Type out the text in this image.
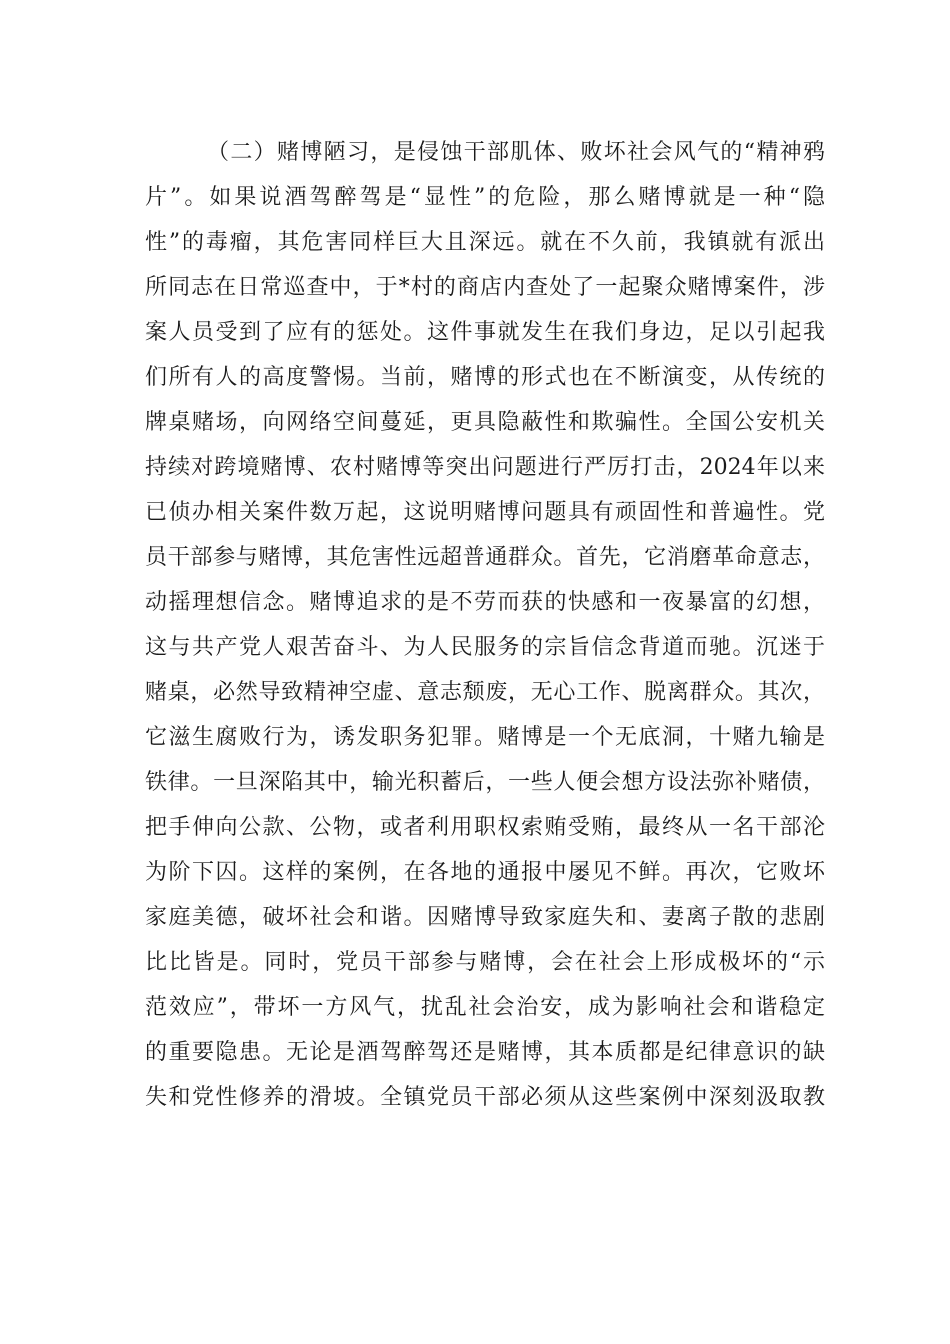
（二）赌博陋习，是侵蚀干部肌体、败坏社会风气的“精神鸦
片”。如果说酒驾醉驾是“显性”的危险，那么赌博就是一种“隐
性”的毒瘤，其危害同样巨大且深远。就在不久前，我镇就有派出
所同志在日常巡查中，于*村的商店内查处了一起聚众赌博案件，涉
案人员受到了应有的惩处。这件事就发生在我们身边，足以引起我
们所有人的高度警惕。当前，赌博的形式也在不断演变，从传统的
牌桌赌场，向网络空间蔓延，更具隐蔽性和欺骗性。全国公安机关
持续对跨境赌博、农村赌博等突出问题进行严厉打击，2024年以来
已侦办相关案件数万起，这说明赌博问题具有顽固性和普遍性。党
员干部参与赌博，其危害性远超普通群众。首先，它消磨革命意志，
动摇理想信念。赌博追求的是不劳而获的快感和一夜暴富的幻想，
这与共产党人艰苦奋斗、为人民服务的宗旨信念背道而驰。沉迷于
赌桌，必然导致精神空虚、意志颓废，无心工作、脱离群众。其次，
它滋生腐败行为，诱发职务犯罪。赌博是一个无底洞，十赌九输是
铁律。一旦深陷其中，输光积蓄后，一些人便会想方设法弥补赌债，
把手伸向公款、公物，或者利用职权索贿受贿，最终从一名干部沦
为阶下囚。这样的案例，在各地的通报中屡见不鲜。再次，它败坏
家庭美德，破坏社会和谐。因赌博导致家庭失和、妻离子散的悲剧
比比皆是。同时，党员干部参与赌博，会在社会上形成极坏的“示
范效应”，带坏一方风气，扰乱社会治安，成为影响社会和谐稳定
的重要隐患。无论是酒驾醉驾还是赌博，其本质都是纪律意识的缺
失和党性修养的滑坡。全镇党员干部必须从这些案例中深刻汲取教
